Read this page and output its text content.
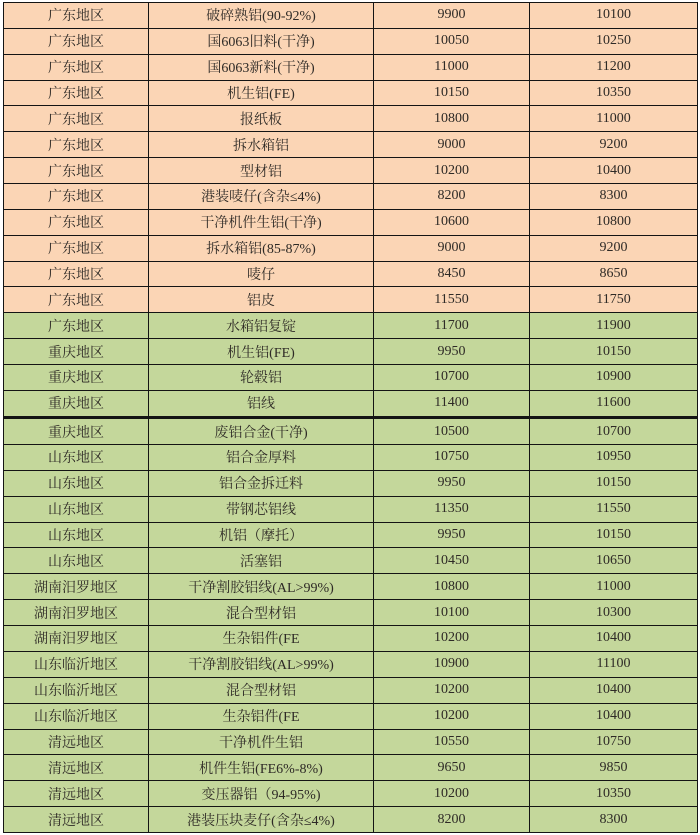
广东地区	破碎熟铝(90-92%)	9900	10100
广东地区	国6063旧料(干净)	10050	10250
广东地区	国6063新料(干净)	11000	11200
广东地区	机生铝(FE)	10150	10350
广东地区	报纸板	10800	11000
广东地区	拆水箱铝	9000	9200
广东地区	型材铝	10200	10400
广东地区	港装唛仔(含杂≤4%)	8200	8300
广东地区	干净机件生铝(干净)	10600	10800
广东地区	拆水箱铝(85-87%)	9000	9200
广东地区	唛仔	8450	8650
广东地区	铝皮	11550	11750
广东地区	水箱铝复锭	11700	11900
重庆地区	机生铝(FE)	9950	10150
重庆地区	轮毂铝	10700	10900
重庆地区	铝线	11400	11600
重庆地区	废铝合金(干净)	10500	10700
山东地区	铝合金厚料	10750	10950
山东地区	铝合金拆迁料	9950	10150
山东地区	带钢芯铝线	11350	11550
山东地区	机铝（摩托）	9950	10150
山东地区	活塞铝	10450	10650
湖南汨罗地区	干净割胶铝线(AL>99%)	10800	11000
湖南汨罗地区	混合型材铝	10100	10300
湖南汨罗地区	生杂铝件(FE	10200	10400
山东临沂地区	干净割胶铝线(AL>99%)	10900	11100
山东临沂地区	混合型材铝	10200	10400
山东临沂地区	生杂铝件(FE	10200	10400
清远地区	干净机件生铝	10550	10750
清远地区	机件生铝(FE6%-8%)	9650	9850
清远地区	变压器铝（94-95%)	10200	10350
清远地区	港装压块麦仔(含杂≤4%)	8200	8300
